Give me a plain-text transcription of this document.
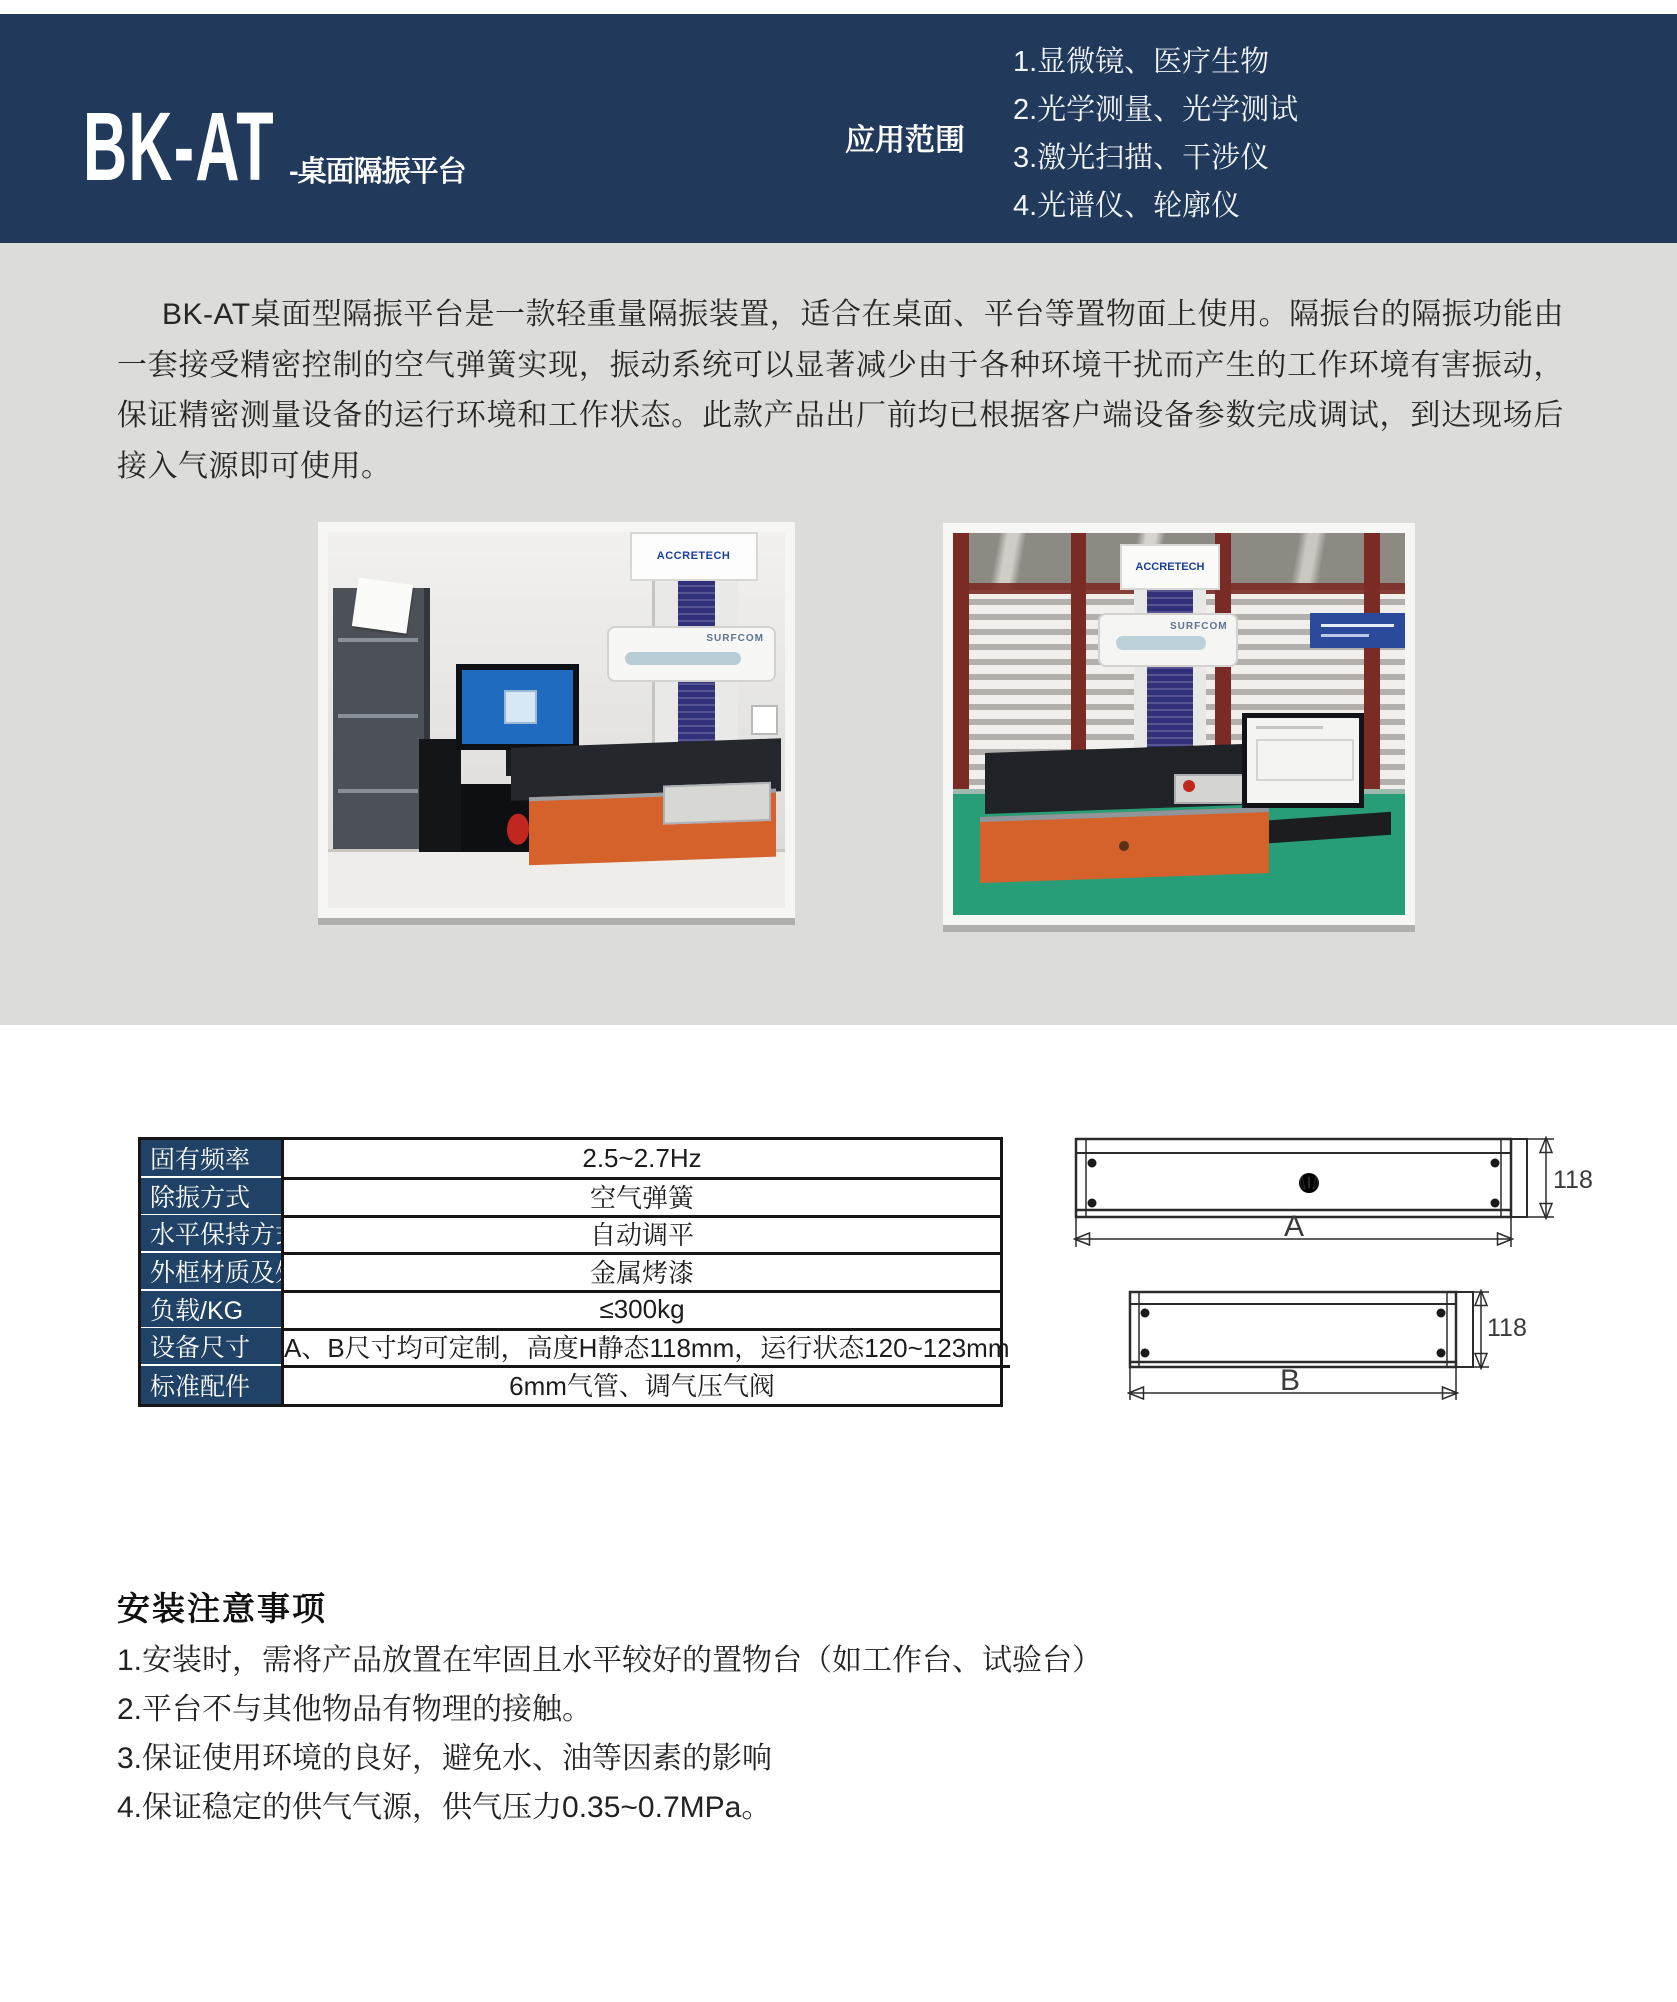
BK-AT -桌面隔振平台
应用范围
1.显微镜、医疗生物
2.光学测量、光学测试
3.激光扫描、干涉仪
4.光谱仪、轮廓仪
BK-AT桌面型隔振平台是一款轻重量隔振装置，适合在桌面、平台等置物面上使用。隔振台的隔振功能由一套接受精密控制的空气弹簧实现，振动系统可以显著减少由于各种环境干扰而产生的工作环境有害振动，保证精密测量设备的运行环境和工作状态。此款产品出厂前均已根据客户端设备参数完成调试，到达现场后接入气源即可使用。
ACCRETECH
SURFCOM
ACCRETECH
SURFCOM
固有频率	2.5~2.7Hz
除振方式	空气弹簧
水平保持方式	自动调平
外框材质及处理	金属烤漆
负载/KG	≤300kg
设备尺寸	A、B尺寸均可定制，高度H静态118mm，运行状态120~123mm
标准配件	6mm气管、调气压气阀
118
A
118
B
安装注意事项
1.安装时，需将产品放置在牢固且水平较好的置物台（如工作台、试验台）
2.平台不与其他物品有物理的接触。
3.保证使用环境的良好，避免水、油等因素的影响
4.保证稳定的供气气源，供气压力0.35~0.7MPa。
